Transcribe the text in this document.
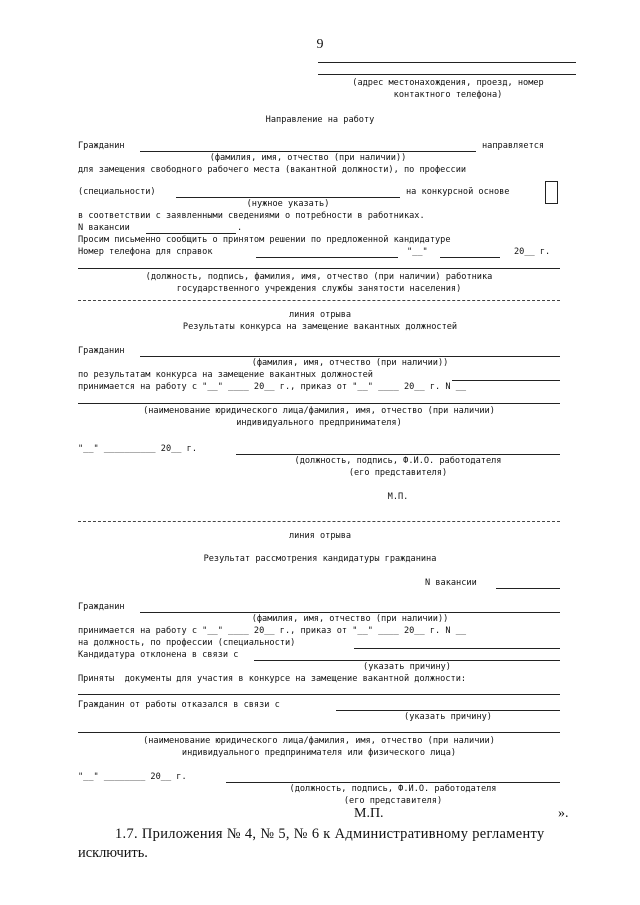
9
(адрес местонахождения, проезд, номер
контактного телефона)
Направление на работу
Гражданин	направляется
(фамилия, имя, отчество (при наличии))
для замещения свободного рабочего места (вакантной должности), по профессии
(специальности)	на конкурсной основе
(нужное указать)
в соответствии с заявленными сведениями о потребности в работниках.
N вакансии	.
Просим письменно сообщить о принятом решении по предложенной кандидатуре
Номер телефона для справок	"__"	20__ г.
(должность, подпись, фамилия, имя, отчество (при наличии) работника
государственного учреждения службы занятости населения)
линия отрыва
Результаты конкурса на замещение вакантных должностей
Гражданин
(фамилия, имя, отчество (при наличии))
по результатам конкурса на замещение вакантных должностей
принимается на работу с "__" ____ 20__ г., приказ от "__" ____ 20__ г. N __
(наименование юридического лица/фамилия, имя, отчество (при наличии)
индивидуального предпринимателя)
"__" __________ 20__ г.
(должность, подпись, Ф.И.О. работодателя
(его представителя)
М.П.
линия отрыва
Результат рассмотрения кандидатуры гражданина
N вакансии
Гражданин
(фамилия, имя, отчество (при наличии))
принимается на работу с "__" ____ 20__ г., приказ от "__" ____ 20__ г. N __
на должность, по профессии (специальности)
Кандидатура отклонена в связи с
(указать причину)
Приняты  документы для участия в конкурсе на замещение вакантной должности:
Гражданин от работы отказался в связи с
(указать причину)
(наименование юридического лица/фамилия, имя, отчество (при наличии)
индивидуального предпринимателя или физического лица)
"__" ________ 20__ г.
(должность, подпись, Ф.И.О. работодателя
(его представителя)
М.П.	».
1.7. Приложения № 4, № 5, № 6 к Административному регламенту
исключить.
